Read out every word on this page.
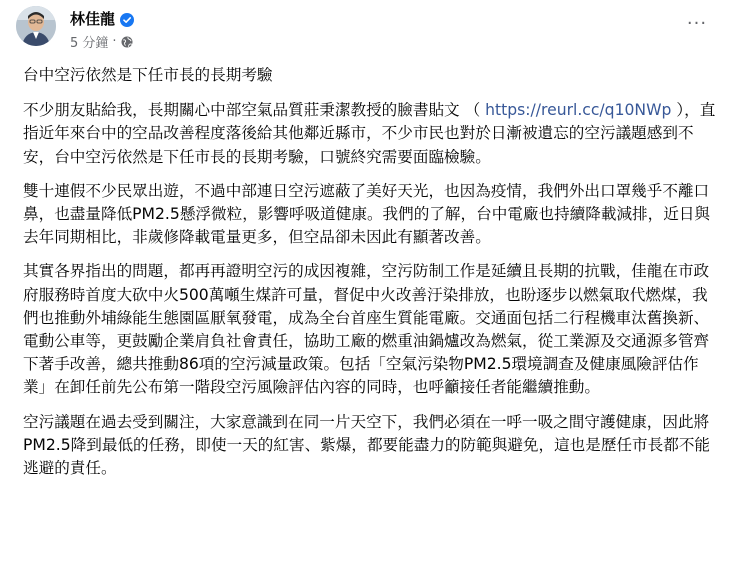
林佳龍
5 分鐘 ·
···

台中空污依然是下任市長的長期考驗

不少朋友貼給我，長期關心中部空氣品質莊秉潔教授的臉書貼文 （ https://reurl.cc/q10NWp ），直指近年來台中的空品改善程度落後給其他鄰近縣市，不少市民也對於日漸被遺忘的空污議題感到不安，台中空污依然是下任市長的長期考驗，口號終究需要面臨檢驗。

雙十連假不少民眾出遊，不過中部連日空污遮蔽了美好天光，也因為疫情，我們外出口罩幾乎不離口鼻，也盡量降低PM2.5懸浮微粒，影響呼吸道健康。我們的了解，台中電廠也持續降載減排，近日與去年同期相比，非歲修降載電量更多，但空品卻未因此有顯著改善。

其實各界指出的問題，都再再證明空污的成因複雜，空污防制工作是延續且長期的抗戰，佳龍在市政府服務時首度大砍中火500萬噸生煤許可量，督促中火改善汙染排放，也盼逐步以燃氣取代燃煤，我們也推動外埔綠能生態園區厭氧發電，成為全台首座生質能電廠。交通面包括二行程機車汰舊換新、電動公車等，更鼓勵企業肩負社會責任，協助工廠的燃重油鍋爐改為燃氣，從工業源及交通源多管齊下著手改善，總共推動86項的空污減量政策。包括「空氣污染物PM2.5環境調查及健康風險評估作業」在卸任前先公布第一階段空污風險評估內容的同時，也呼籲接任者能繼續推動。

空污議題在過去受到關注，大家意識到在同一片天空下，我們必須在一呼一吸之間守護健康，因此將PM2.5降到最低的任務，即使一天的紅害、紫爆，都要能盡力的防範與避免，這也是歷任市長都不能逃避的責任。
